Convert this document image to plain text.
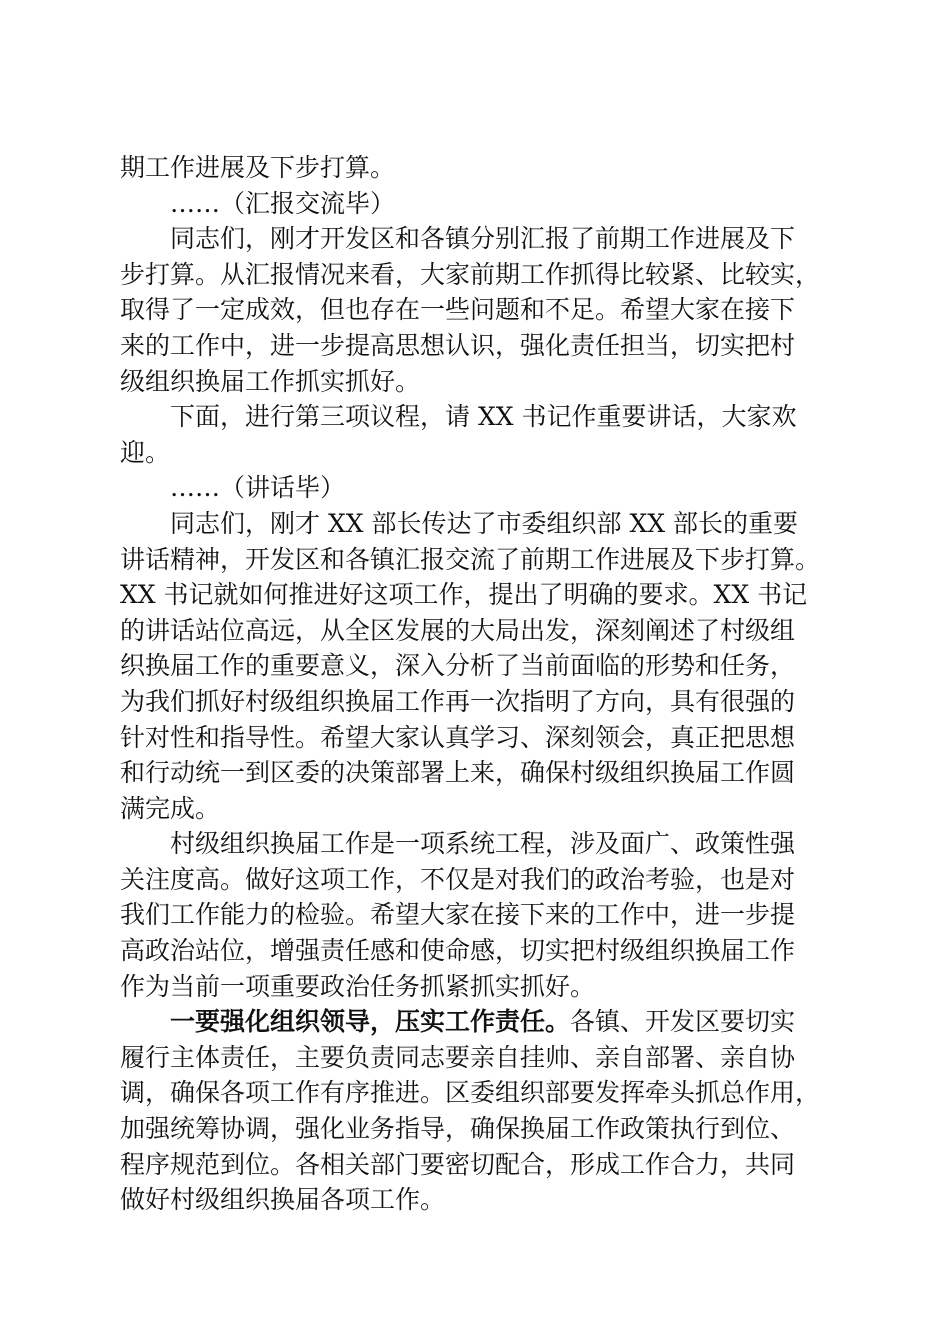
期工作进展及下步打算。
……（汇报交流毕）
同志们，刚才开发区和各镇分别汇报了前期工作进展及下
步打算。从汇报情况来看，大家前期工作抓得比较紧、比较实，
取得了一定成效，但也存在一些问题和不足。希望大家在接下
来的工作中，进一步提高思想认识，强化责任担当，切实把村
级组织换届工作抓实抓好。
下面，进行第三项议程，请 XX 书记作重要讲话，大家欢
迎。
……（讲话毕）
同志们，刚才 XX 部长传达了市委组织部 XX 部长的重要
讲话精神，开发区和各镇汇报交流了前期工作进展及下步打算。
XX 书记就如何推进好这项工作，提出了明确的要求。XX 书记
的讲话站位高远，从全区发展的大局出发，深刻阐述了村级组
织换届工作的重要意义，深入分析了当前面临的形势和任务，
为我们抓好村级组织换届工作再一次指明了方向，具有很强的
针对性和指导性。希望大家认真学习、深刻领会，真正把思想
和行动统一到区委的决策部署上来，确保村级组织换届工作圆
满完成。
村级组织换届工作是一项系统工程，涉及面广、政策性强
关注度高。做好这项工作，不仅是对我们的政治考验，也是对
我们工作能力的检验。希望大家在接下来的工作中，进一步提
高政治站位，增强责任感和使命感，切实把村级组织换届工作
作为当前一项重要政治任务抓紧抓实抓好。
一要强化组织领导，压实工作责任。各镇、开发区要切实
履行主体责任，主要负责同志要亲自挂帅、亲自部署、亲自协
调，确保各项工作有序推进。区委组织部要发挥牵头抓总作用，
加强统筹协调，强化业务指导，确保换届工作政策执行到位、
程序规范到位。各相关部门要密切配合，形成工作合力，共同
做好村级组织换届各项工作。
